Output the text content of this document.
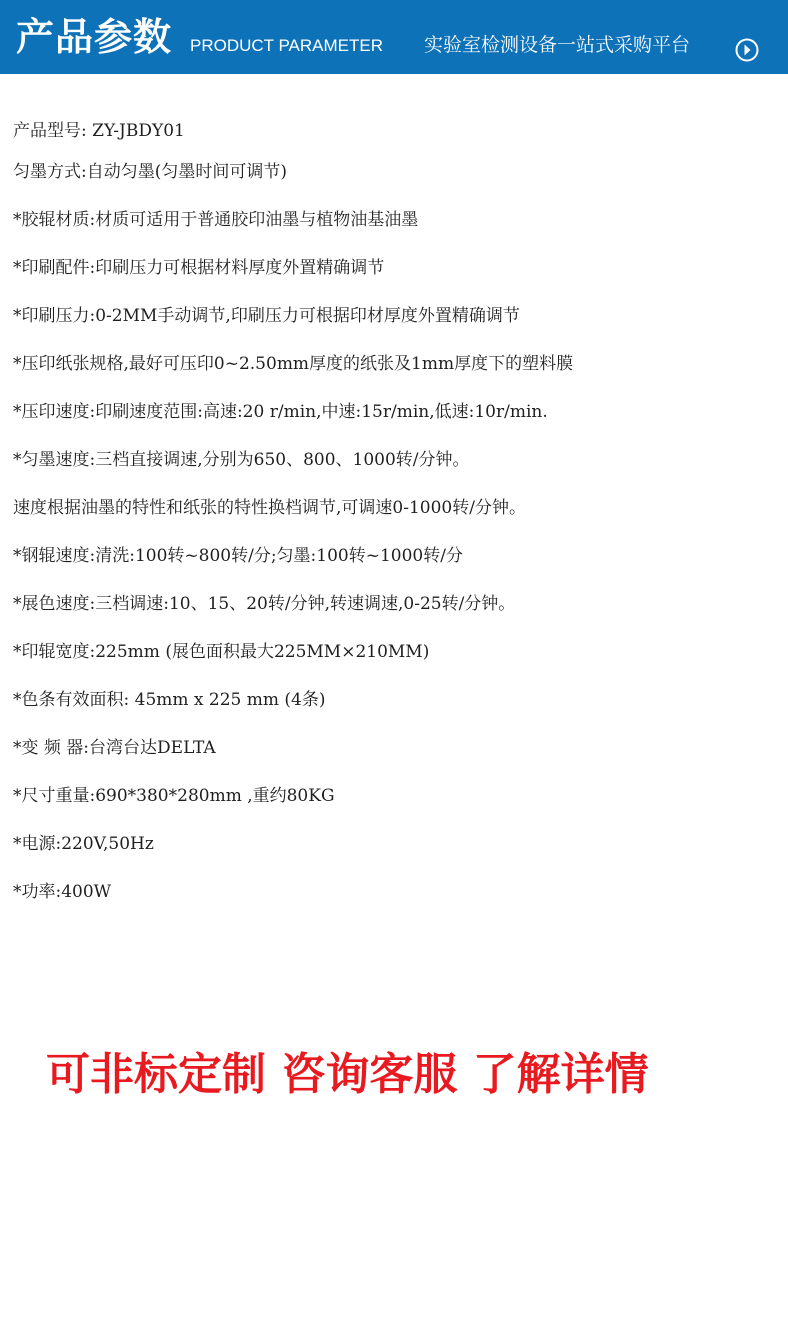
产品参数 PRODUCT PARAMETER 实验室检测设备一站式采购平台
产品型号: ZY-JBDY01
匀墨方式:自动匀墨(匀墨时间可调节)
*胶辊材质:材质可适用于普通胶印油墨与植物油基油墨
*印刷配件:印刷压力可根据材料厚度外置精确调节
*印刷压力:0-2MM手动调节,印刷压力可根据印材厚度外置精确调节
*压印纸张规格,最好可压印0~2.50mm厚度的纸张及1mm厚度下的塑料膜
*压印速度:印刷速度范围:高速:20 r/min,中速:15r/min,低速:10r/min.
*匀墨速度:三档直接调速,分别为650、800、1000转/分钟。
速度根据油墨的特性和纸张的特性换档调节,可调速0-1000转/分钟。
*钢辊速度:清洗:100转~800转/分;匀墨:100转~1000转/分
*展色速度:三档调速:10、15、20转/分钟,转速调速,0-25转/分钟。
*印辊宽度:225mm (展色面积最大225MM×210MM)
*色条有效面积: 45mm x 225 mm (4条)
*变 频 器:台湾台达DELTA
*尺寸重量:690*380*280mm ,重约80KG
*电源:220V,50Hz
*功率:400W
可非标定制 咨询客服 了解详情
